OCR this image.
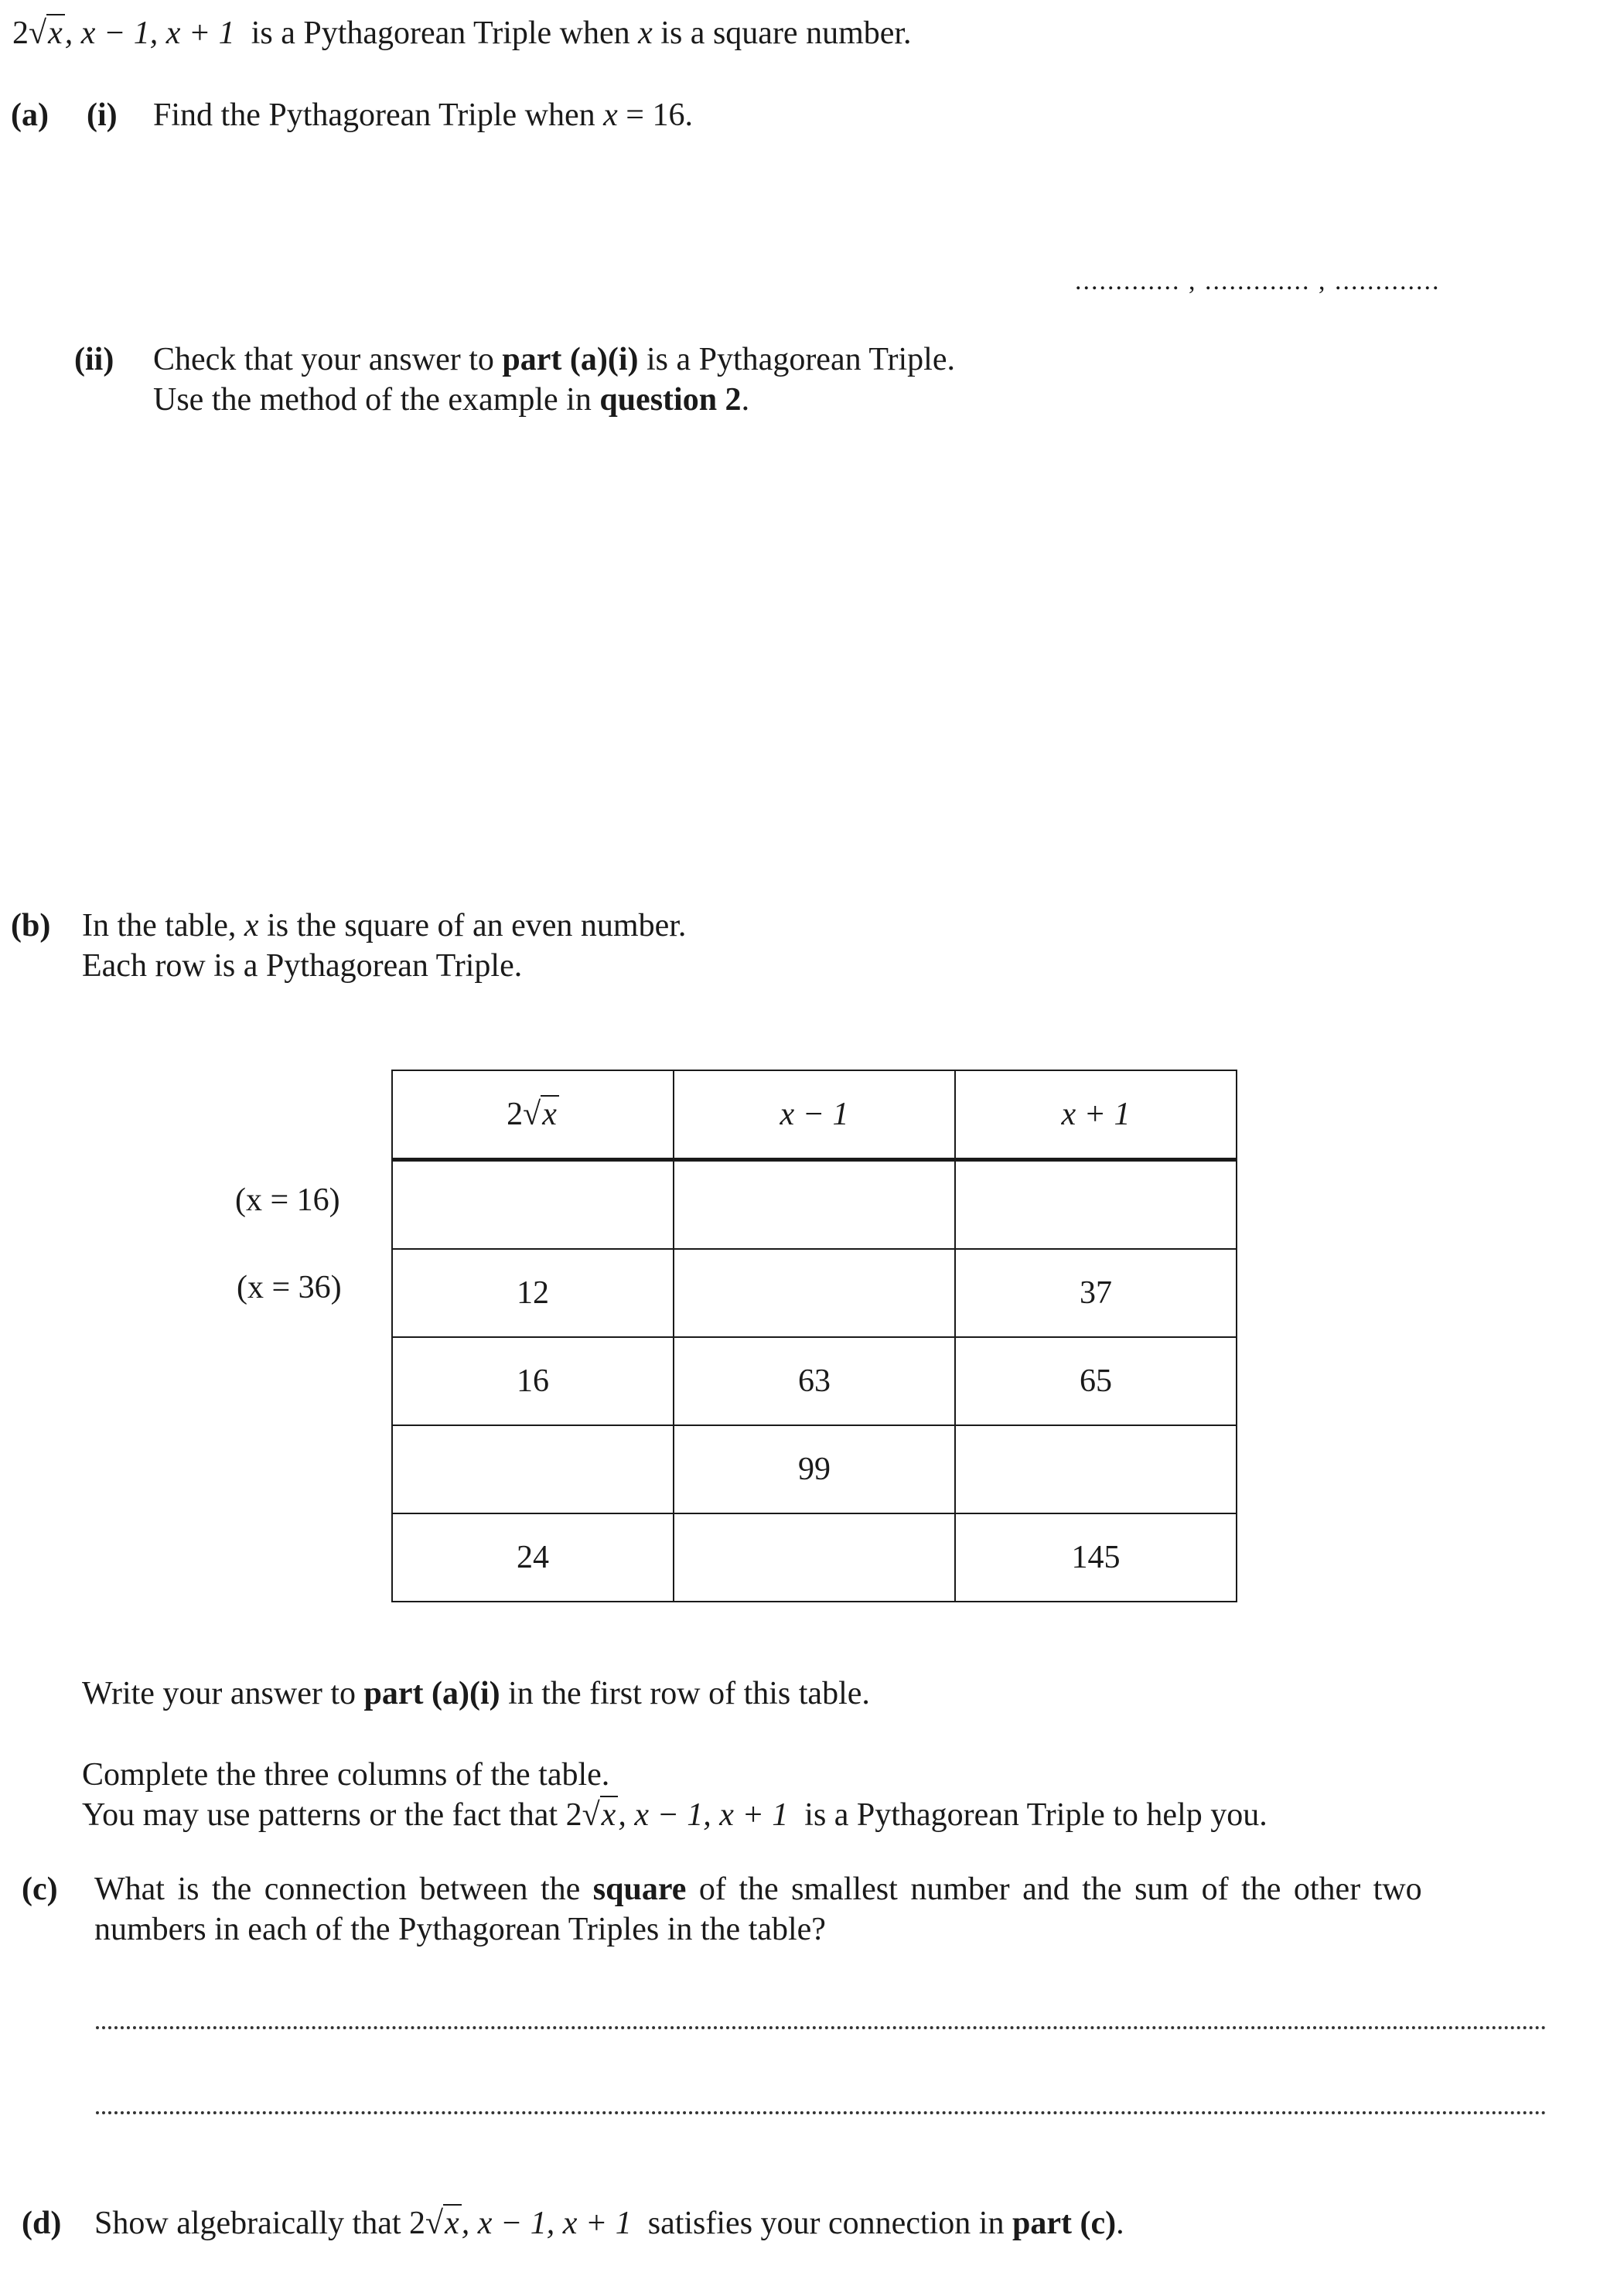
2√x, x − 1, x + 1 is a Pythagorean Triple when x is a square number.
(a) (i) Find the Pythagorean Triple when x = 16.
............. , ............. , .............
(ii) Check that your answer to part (a)(i) is a Pythagorean Triple.
Use the method of the example in question 2.
(b) In the table, x is the square of an even number.
Each row is a Pythagorean Triple.
2√x	x − 1	x + 1

12		37
16	63	65
	99	
24		145
(x = 16)
(x = 36)
Write your answer to part (a)(i) in the first row of this table.
Complete the three columns of the table.
You may use patterns or the fact that 2√x, x − 1, x + 1 is a Pythagorean Triple to help you.
(c) What is the connection between the square of the smallest number and the sum of the other two
numbers in each of the Pythagorean Triples in the table?
(d) Show algebraically that 2√x, x − 1, x + 1 satisfies your connection in part (c).
